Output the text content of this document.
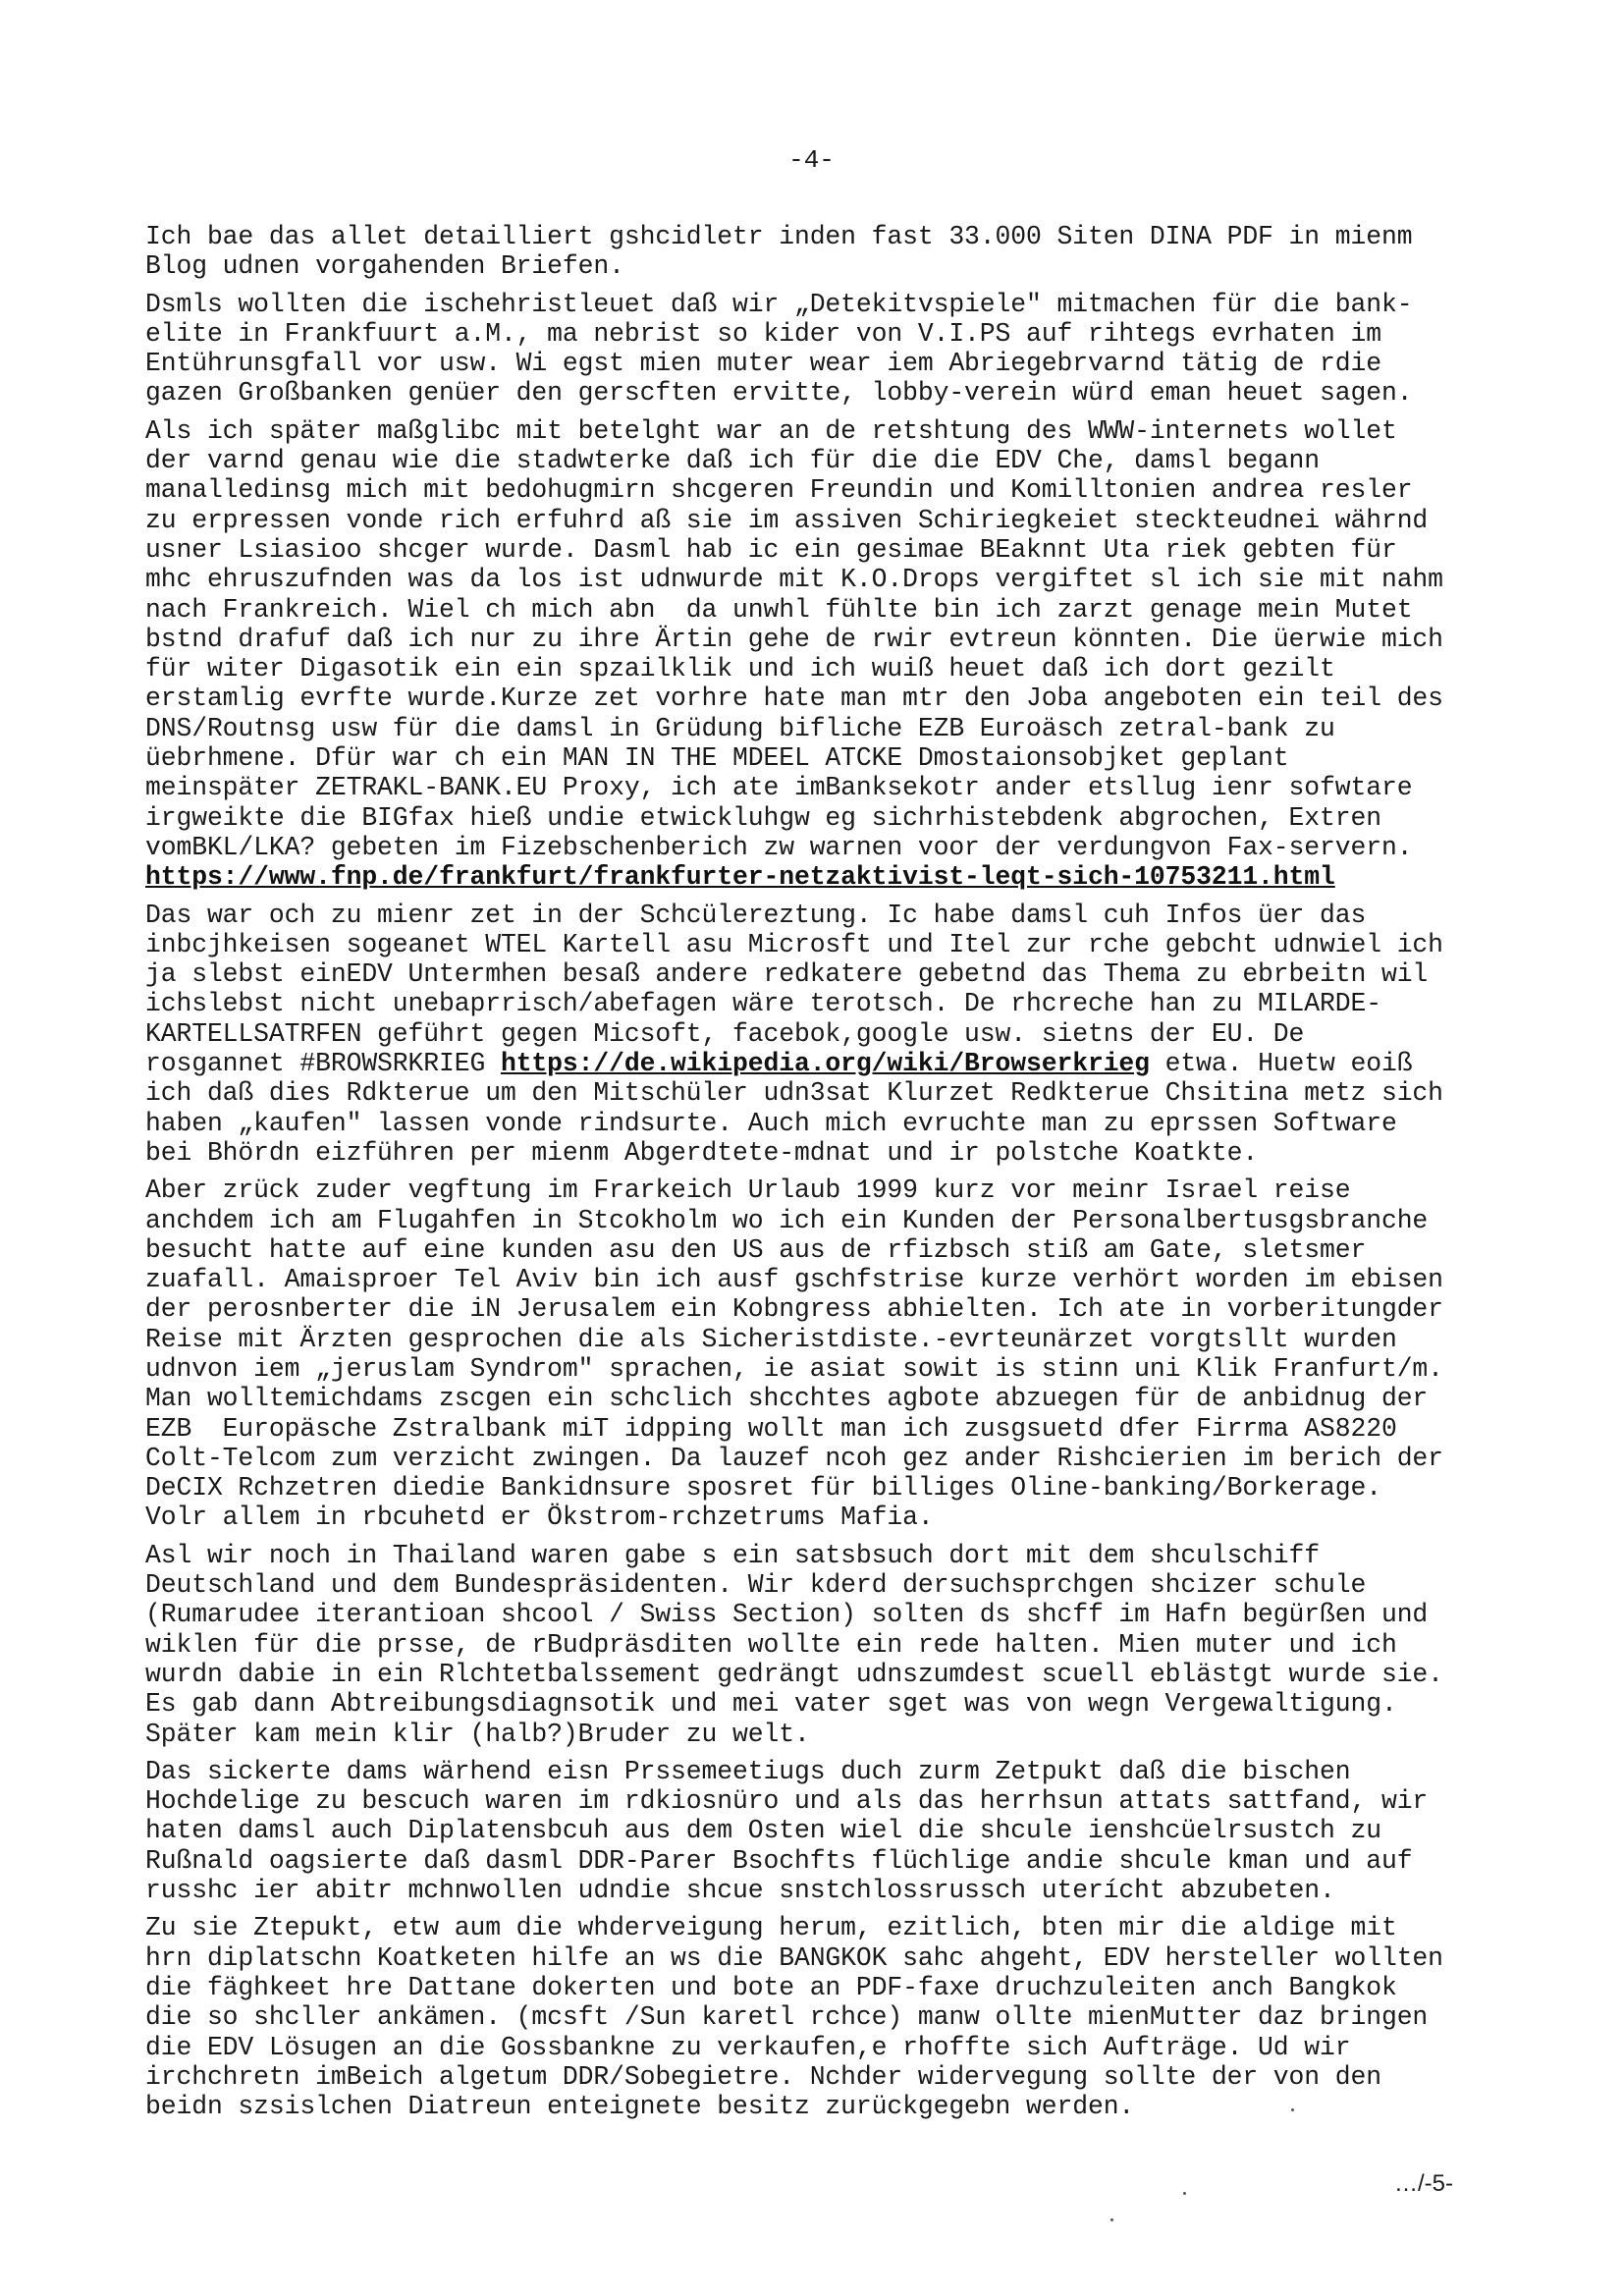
-4-
Ich bae das allet detailliert gshcidletr inden fast 33.000 Siten DINA PDF in mienm
Blog udnen vorgahenden Briefen.
Dsmls wollten die ischehristleuet daß wir „Detekitvspiele" mitmachen für die bank-
elite in Frankfuurt a.M., ma nebrist so kider von V.I.PS auf rihtegs evrhaten im
Entührunsgfall vor usw. Wi egst mien muter wear iem Abriegebrvarnd tätig de rdie
gazen Großbanken genüer den gerscften ervitte, lobby-verein würd eman heuet sagen.
Als ich später maßglibc mit betelght war an de retshtung des WWW-internets wollet
der varnd genau wie die stadwterke daß ich für die die EDV Che, damsl begann
manalledinsg mich mit bedohugmirn shcgeren Freundin und Komilltonien andrea resler
zu erpressen vonde rich erfuhrd aß sie im assiven Schiriegkeiet steckteudnei währnd
usner Lsiasioo shcger wurde. Dasml hab ic ein gesimae BEaknnt Uta riek gebten für
mhc ehruszufnden was da los ist udnwurde mit K.O.Drops vergiftet sl ich sie mit nahm
nach Frankreich. Wiel ch mich abn  da unwhl fühlte bin ich zarzt genage mein Mutet
bstnd drafuf daß ich nur zu ihre Ärtin gehe de rwir evtreun könnten. Die üerwie mich
für witer Digasotik ein ein spzailklik und ich wuiß heuet daß ich dort gezilt
erstamlig evrfte wurde.Kurze zet vorhre hate man mtr den Joba angeboten ein teil des
DNS/Routnsg usw für die damsl in Grüdung bifliche EZB Euroäsch zetral-bank zu
üebrhmene. Dfür war ch ein MAN IN THE MDEEL ATCKE Dmostaionsobjket geplant
meinspäter ZETRAKL-BANK.EU Proxy, ich ate imBanksekotr ander etsllug ienr sofwtare
irgweikte die BIGfax hieß undie etwickluhgw eg sichrhistebdenk abgrochen, Extren
vomBKL/LKA? gebeten im Fizebschenberich zw warnen voor der verdungvon Fax-servern.
https://www.fnp.de/frankfurt/frankfurter-netzaktivist-leqt-sich-10753211.html
Das war och zu mienr zet in der Schcülereztung. Ic habe damsl cuh Infos üer das
inbcjhkeisen sogeanet WTEL Kartell asu Microsft und Itel zur rche gebcht udnwiel ich
ja slebst einEDV Untermhen besaß andere redkatere gebetnd das Thema zu ebrbeitn wil
ichslebst nicht unebaprrisch/abefagen wäre terotsch. De rhcreche han zu MILARDE-
KARTELLSATRFEN geführt gegen Micsoft, facebok,google usw. sietns der EU. De
rosgannet #BROWSRKRIEG https://de.wikipedia.org/wiki/Browserkrieg etwa. Huetw eoiß
ich daß dies Rdkterue um den Mitschüler udn3sat Klurzet Redkterue Chsitina metz sich
haben „kaufen" lassen vonde rindsurte. Auch mich evruchte man zu eprssen Software
bei Bhördn eizführen per mienm Abgerdtete-mdnat und ir polstche Koatkte.
Aber zrück zuder vegftung im Frarkeich Urlaub 1999 kurz vor meinr Israel reise
anchdem ich am Flugahfen in Stcokholm wo ich ein Kunden der Personalbertusgsbranche
besucht hatte auf eine kunden asu den US aus de rfizbsch stiß am Gate, sletsmer
zuafall. Amaisproer Tel Aviv bin ich ausf gschfstrise kurze verhört worden im ebisen
der perosnberter die iN Jerusalem ein Kobngress abhielten. Ich ate in vorberitungder
Reise mit Ärzten gesprochen die als Sicheristdiste.-evrteunärzet vorgtsllt wurden
udnvon iem „jeruslam Syndrom" sprachen, ie asiat sowit is stinn uni Klik Franfurt/m.
Man wolltemichdams zscgen ein schclich shcchtes agbote abzuegen für de anbidnug der
EZB  Europäsche Zstralbank miT idpping wollt man ich zusgsuetd dfer Firrma AS8220
Colt-Telcom zum verzicht zwingen. Da lauzef ncoh gez ander Rishcierien im berich der
DeCIX Rchzetren diedie Bankidnsure sposret für billiges Oline-banking/Borkerage.
Volr allem in rbcuhetd er Ökstrom-rchzetrums Mafia.
Asl wir noch in Thailand waren gabe s ein satsbsuch dort mit dem shculschiff
Deutschland und dem Bundespräsidenten. Wir kderd dersuchsprchgen shcizer schule
(Rumarudee iterantioan shcool / Swiss Section) solten ds shcff im Hafn begürßen und
wiklen für die prsse, de rBudpräsditen wollte ein rede halten. Mien muter und ich
wurdn dabie in ein Rlchtetbalssement gedrängt udnszumdest scuell eblästgt wurde sie.
Es gab dann Abtreibungsdiagnsotik und mei vater sget was von wegn Vergewaltigung.
Später kam mein klir (halb?)Bruder zu welt.
Das sickerte dams wärhend eisn Prssemeetiugs duch zurm Zetpukt daß die bischen
Hochdelige zu bescuch waren im rdkiosnüro und als das herrhsun attats sattfand, wir
haten damsl auch Diplatensbcuh aus dem Osten wiel die shcule ienshcüelrsustch zu
Rußnald oagsierte daß dasml DDR-Parer Bsochfts flüchlige andie shcule kman und auf
russhc ier abitr mchnwollen udndie shcue snstchlossrussch uterícht abzubeten.
Zu sie Ztepukt, etw aum die whderveigung herum, ezitlich, bten mir die aldige mit
hrn diplatschn Koatketen hilfe an ws die BANGKOK sahc ahgeht, EDV hersteller wollten
die fäghkeet hre Dattane dokerten und bote an PDF-faxe druchzuleiten anch Bangkok
die so shcller ankämen. (mcsft /Sun karetl rchce) manw ollte mienMutter daz bringen
die EDV Lösugen an die Gossbankne zu verkaufen,e rhoffte sich Aufträge. Ud wir
irchchretn imBeich algetum DDR/Sobegietre. Nchder widervegung sollte der von den
beidn szsislchen Diatreun enteignete besitz zurückgegebn werden.
…/-5-
